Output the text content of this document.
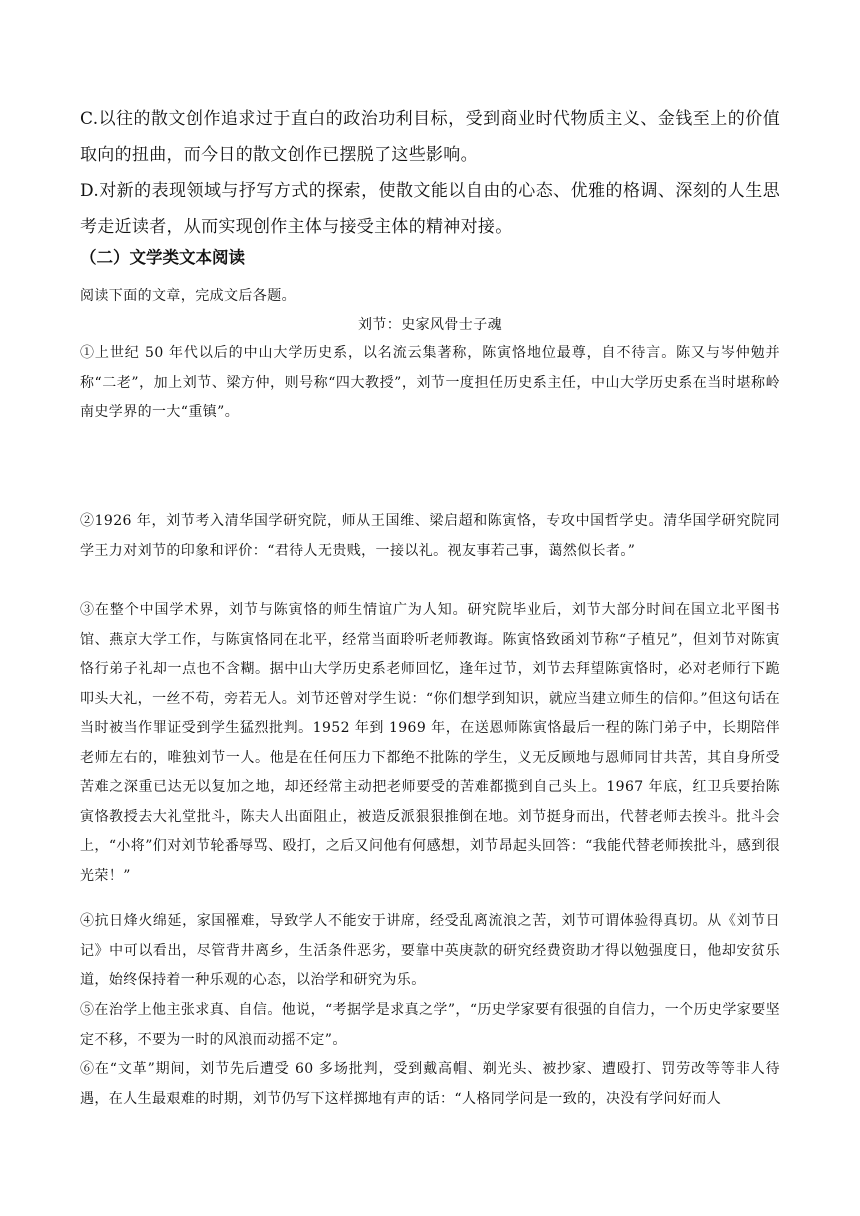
C.以往的散文创作追求过于直白的政治功利目标，受到商业时代物质主义、金钱至上的价值取向的扭曲，而今日的散文创作已摆脱了这些影响。

D.对新的表现领域与抒写方式的探索，使散文能以自由的心态、优雅的格调、深刻的人生思考走近读者，从而实现创作主体与接受主体的精神对接。

（二）文学类文本阅读
阅读下面的文章，完成文后各题。
刘节：史家风骨士子魂

①上世纪 50 年代以后的中山大学历史系，以名流云集著称，陈寅恪地位最尊，自不待言。陈又与岑仲勉并称“二老”，加上刘节、梁方仲，则号称“四大教授”，刘节一度担任历史系主任，中山大学历史系在当时堪称岭南史学界的一大“重镇”。

②1926 年，刘节考入清华国学研究院，师从王国维、梁启超和陈寅恪，专攻中国哲学史。清华国学研究院同学王力对刘节的印象和评价：“君待人无贵贱，一接以礼。视友事若己事，蔼然似长者。”

③在整个中国学术界，刘节与陈寅恪的师生情谊广为人知。研究院毕业后，刘节大部分时间在国立北平图书馆、燕京大学工作，与陈寅恪同在北平，经常当面聆听老师教诲。陈寅恪致函刘节称“子植兄”，但刘节对陈寅恪行弟子礼却一点也不含糊。据中山大学历史系老师回忆，逢年过节，刘节去拜望陈寅恪时，必对老师行下跪叩头大礼，一丝不苟，旁若无人。刘节还曾对学生说：“你们想学到知识，就应当建立师生的信仰。”但这句话在当时被当作罪证受到学生猛烈批判。1952 年到 1969 年，在送恩师陈寅恪最后一程的陈门弟子中，长期陪伴老师左右的，唯独刘节一人。他是在任何压力下都绝不批陈的学生，义无反顾地与恩师同甘共苦，其自身所受苦难之深重已达无以复加之地，却还经常主动把老师要受的苦难都揽到自己头上。1967 年底，红卫兵要抬陈寅恪教授去大礼堂批斗，陈夫人出面阻止，被造反派狠狠推倒在地。刘节挺身而出，代替老师去挨斗。批斗会上，“小将”们对刘节轮番辱骂、殴打，之后又问他有何感想，刘节昂起头回答：“我能代替老师挨批斗，感到很光荣！”

④抗日烽火绵延，家国罹难，导致学人不能安于讲席，经受乱离流浪之苦，刘节可谓体验得真切。从《刘节日记》中可以看出，尽管背井离乡，生活条件恶劣，要靠中英庚款的研究经费资助才得以勉强度日，他却安贫乐道，始终保持着一种乐观的心态，以治学和研究为乐。

⑤在治学上他主张求真、自信。他说，“考据学是求真之学”，“历史学家要有很强的自信力，一个历史学家要坚定不移，不要为一时的风浪而动摇不定”。

⑥在“文革”期间，刘节先后遭受 60 多场批判，受到戴高帽、剃光头、被抄家、遭殴打、罚劳改等等非人待遇，在人生最艰难的时期，刘节仍写下这样掷地有声的话：“人格同学问是一致的，决没有学问好而人
